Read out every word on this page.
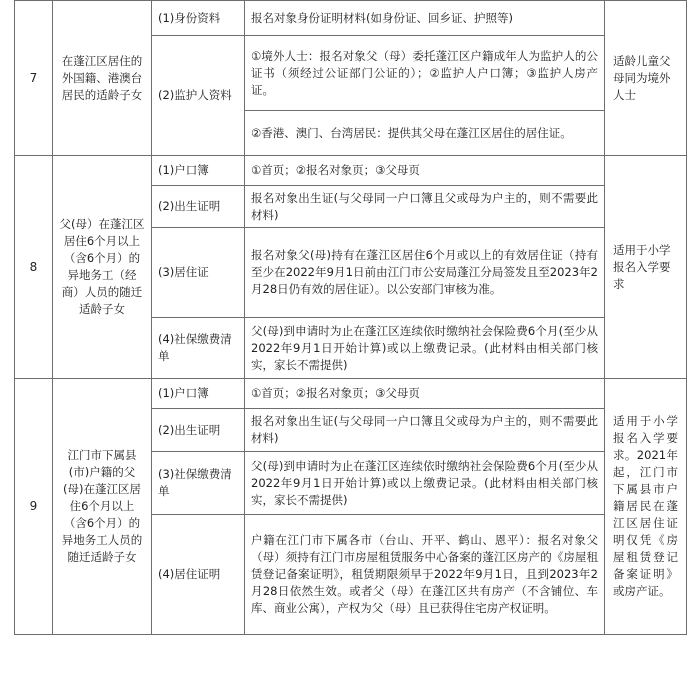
7	在蓬江区居住的外国籍、港澳台居民的适龄子女	(1)身份资料	报名对象身份证明材料(如身份证、回乡证、护照等)	适龄儿童父母同为境外人士
		(2)监护人资料	①境外人士：报名对象父（母）委托蓬江区户籍成年人为监护人的公证书（须经过公证部门公证的）；②监护人户口簿；③监护人房产证。	
			②香港、澳门、台湾居民：提供其父母在蓬江区居住的居住证。	
8	父(母）在蓬江区居住6个月以上（含6个月）的异地务工（经商）人员的随迁适龄子女	(1)户口簿	①首页；②报名对象页；③父母页	适用于小学报名入学要求
		(2)出生证明	报名对象出生证(与父母同一户口簿且父或母为户主的，则不需要此材料)	
		(3)居住证	报名对象父(母)持有在蓬江区居住6个月或以上的有效居住证（持有至少在2022年9月1日前由江门市公安局蓬江分局签发且至2023年2月28日仍有效的居住证）。以公安部门审核为准。	
		(4)社保缴费清单	父(母)到申请时为止在蓬江区连续依时缴纳社会保险费6个月(至少从2022年9月1日开始计算)或以上缴费记录。(此材料由相关部门核实，家长不需提供)	
9	江门市下属县(市)户籍的父(母)在蓬江区居住6个月以上（含6个月）的异地务工人员的随迁适龄子女	(1)户口簿	①首页；②报名对象页；③父母页	适用于小学报名入学要求。2021年起，江门市下属县市户籍居民在蓬江区居住证明仅凭《房屋租赁登记备案证明》或房产证。
		(2)出生证明	报名对象出生证(与父母同一户口簿且父或母为户主的，则不需要此材料)	
		(3)社保缴费清单	父(母)到申请时为止在蓬江区连续依时缴纳社会保险费6个月(至少从2022年9月1日开始计算)或以上缴费记录。(此材料由相关部门核实，家长不需提供)	
		(4)居住证明	户籍在江门市下属各市（台山、开平、鹤山、恩平）：报名对象父（母）须持有江门市房屋租赁服务中心备案的蓬江区房产的《房屋租赁登记备案证明》，租赁期限须早于2022年9月1日，且到2023年2月28日依然生效。或者父（母）在蓬江区共有房产（不含铺位、车库、商业公寓），产权为父（母）且已获得住宅房产权证明。	
